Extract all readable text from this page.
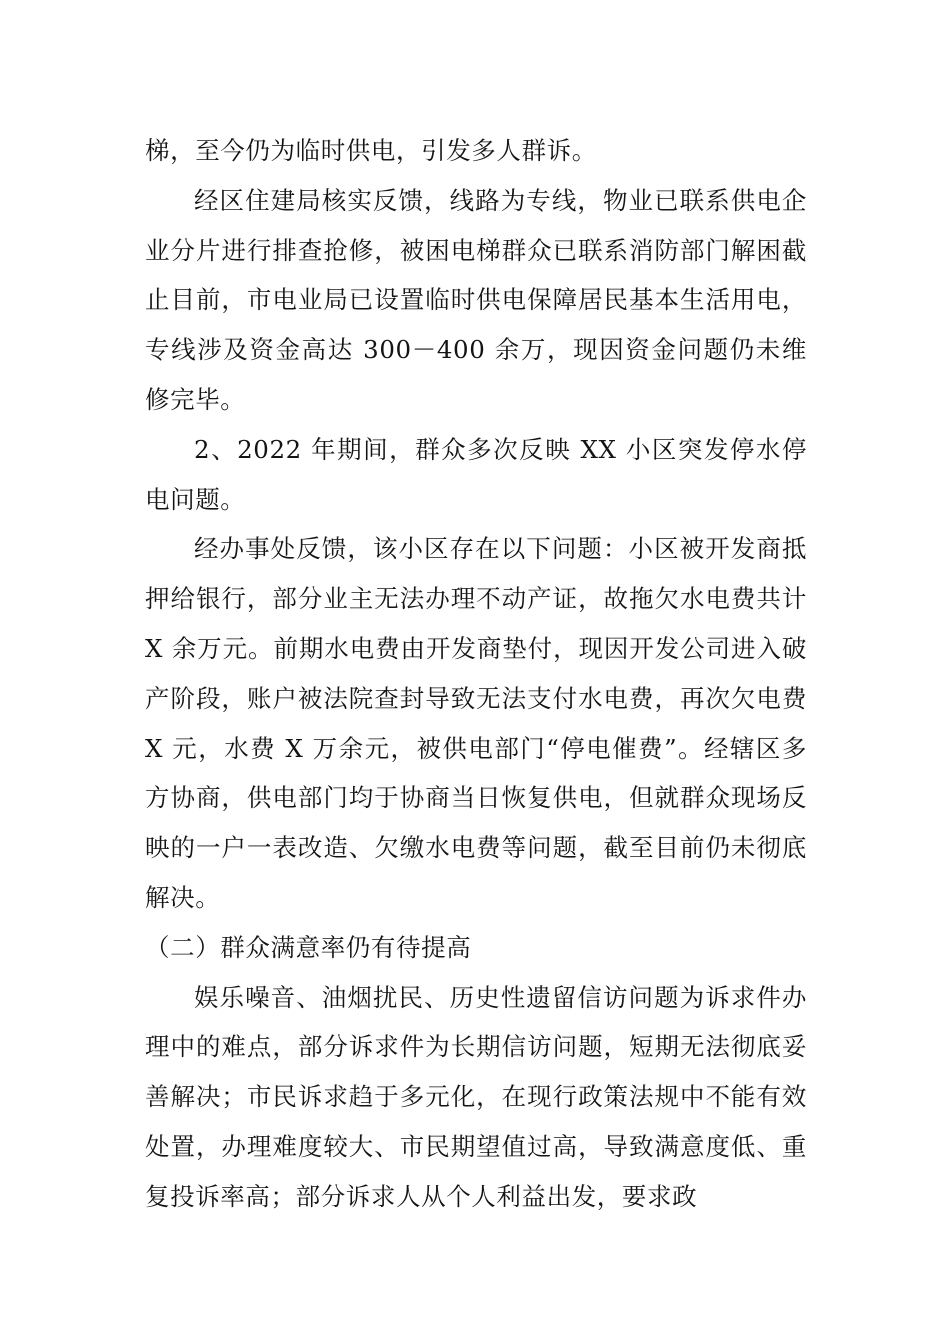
梯，至今仍为临时供电，引发多人群诉。

经区住建局核实反馈，线路为专线，物业已联系供电企业分片进行排查抢修，被困电梯群众已联系消防部门解困截止目前，市电业局已设置临时供电保障居民基本生活用电，专线涉及资金高达 300－400 余万，现因资金问题仍未维修完毕。

2、2022 年期间，群众多次反映 XX 小区突发停水停电问题。

经办事处反馈，该小区存在以下问题：小区被开发商抵押给银行，部分业主无法办理不动产证，故拖欠水电费共计 X 余万元。前期水电费由开发商垫付，现因开发公司进入破产阶段，账户被法院查封导致无法支付水电费，再次欠电费 X 元，水费 X 万余元，被供电部门“停电催费”。经辖区多方协商，供电部门均于协商当日恢复供电，但就群众现场反映的一户一表改造、欠缴水电费等问题，截至目前仍未彻底解决。

（二）群众满意率仍有待提高

娱乐噪音、油烟扰民、历史性遗留信访问题为诉求件办理中的难点，部分诉求件为长期信访问题，短期无法彻底妥善解决；市民诉求趋于多元化，在现行政策法规中不能有效处置，办理难度较大、市民期望值过高，导致满意度低、重复投诉率高；部分诉求人从个人利益出发，要求政
